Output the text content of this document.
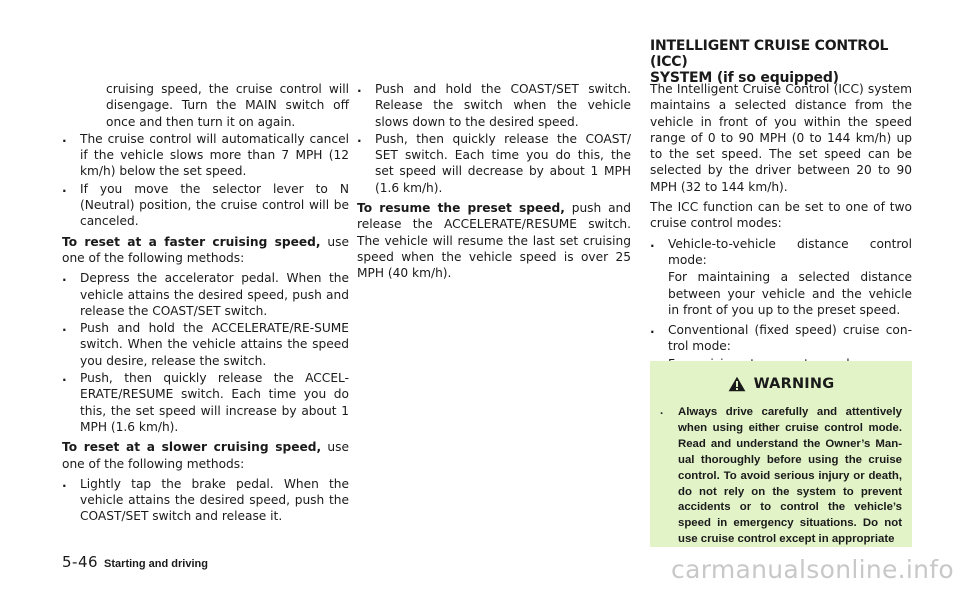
cruising speed, the cruise control will disengage. Turn the MAIN switch off once and then turn it on again.

. The cruise control will automatically cancel if the vehicle slows more than 7 MPH (12 km/h) below the set speed.
. If you move the selector lever to N (Neutral) position, the cruise control will be canceled.

To reset at a faster cruising speed, use one of the following methods:

. Depress the accelerator pedal. When the vehicle attains the desired speed, push and release the COAST/SET switch.
. Push and hold the ACCELERATE/RE-SUME switch. When the vehicle attains the speed you desire, release the switch.
. Push, then quickly release the ACCEL-ERATE/RESUME switch. Each time you do this, the set speed will increase by about 1 MPH (1.6 km/h).

To reset at a slower cruising speed, use one of the following methods:

. Lightly tap the brake pedal. When the vehicle attains the desired speed, push the COAST/SET switch and release it.
. Push and hold the COAST/SET switch. Release the switch when the vehicle slows down to the desired speed.
. Push, then quickly release the COAST/ SET switch. Each time you do this, the set speed will decrease by about 1 MPH (1.6 km/h).

To resume the preset speed, push and release the ACCELERATE/RESUME switch. The vehicle will resume the last set cruising speed when the vehicle speed is over 25 MPH (40 km/h).

INTELLIGENT CRUISE CONTROL (ICC)
SYSTEM (if so equipped)

The Intelligent Cruise Control (ICC) system maintains a selected distance from the vehicle in front of you within the speed range of 0 to 90 MPH (0 to 144 km/h) up to the set speed. The set speed can be selected by the driver between 20 to 90 MPH (32 to 144 km/h).

The ICC function can be set to one of two cruise control modes:

. Vehicle-to-vehicle distance control mode:

For maintaining a selected distance between your vehicle and the vehicle in front of you up to the preset speed.

. Conventional (fixed speed) cruise con-trol mode:

WARNING
. Always drive carefully and attentively when using either cruise control mode. Read and understand the Owner’s Man-ual thoroughly before using the cruise control. To avoid serious injury or death, do not rely on the system to prevent accidents or to control the vehicle’s speed in emergency situations. Do not use cruise control except in appropriate
5-46 Starting and driving	carmanualsonline.info
